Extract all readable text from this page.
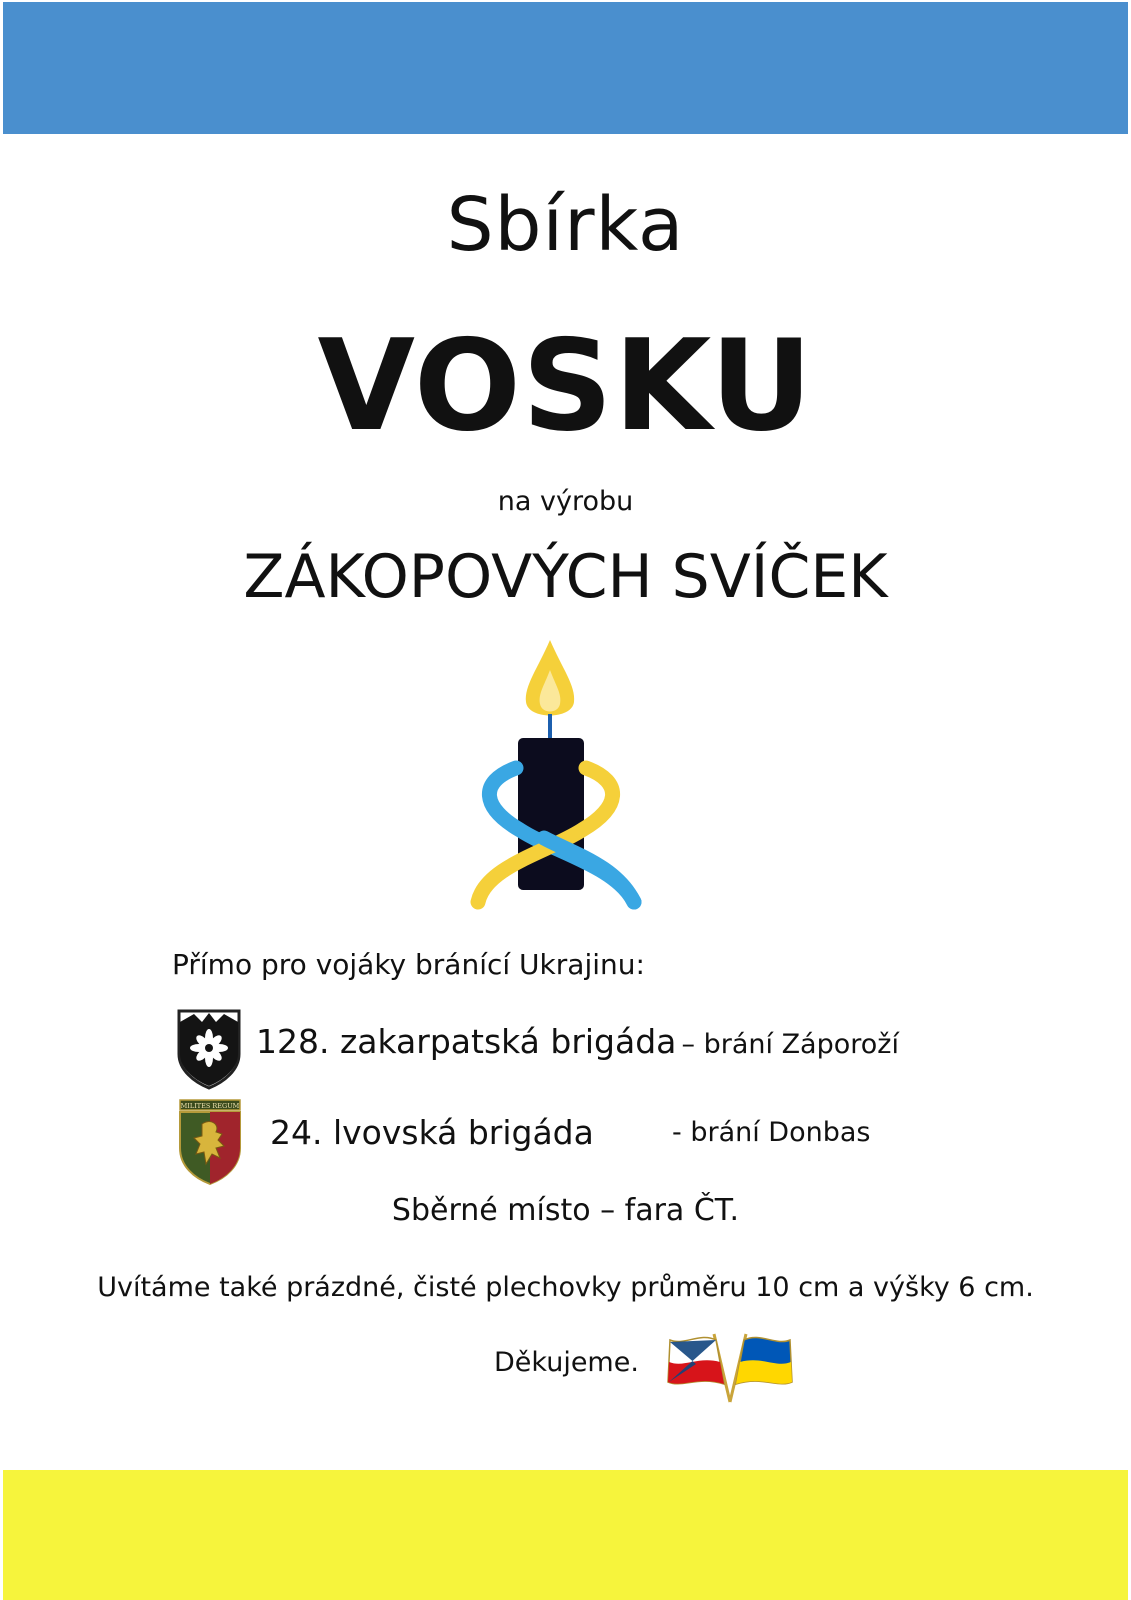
Sbírka
VOSKU
na výrobu
ZÁKOPOVÝCH SVÍČEK
Přímo pro vojáky bránící Ukrajinu:
128. zakarpatská brigáda – brání Záporoží
MILITES REGUM
24. lvovská brigáda	- brání Donbas
Sběrné místo – fara ČT.
Uvítáme také prázdné, čisté plechovky průměru 10 cm a výšky 6 cm.
Děkujeme.
